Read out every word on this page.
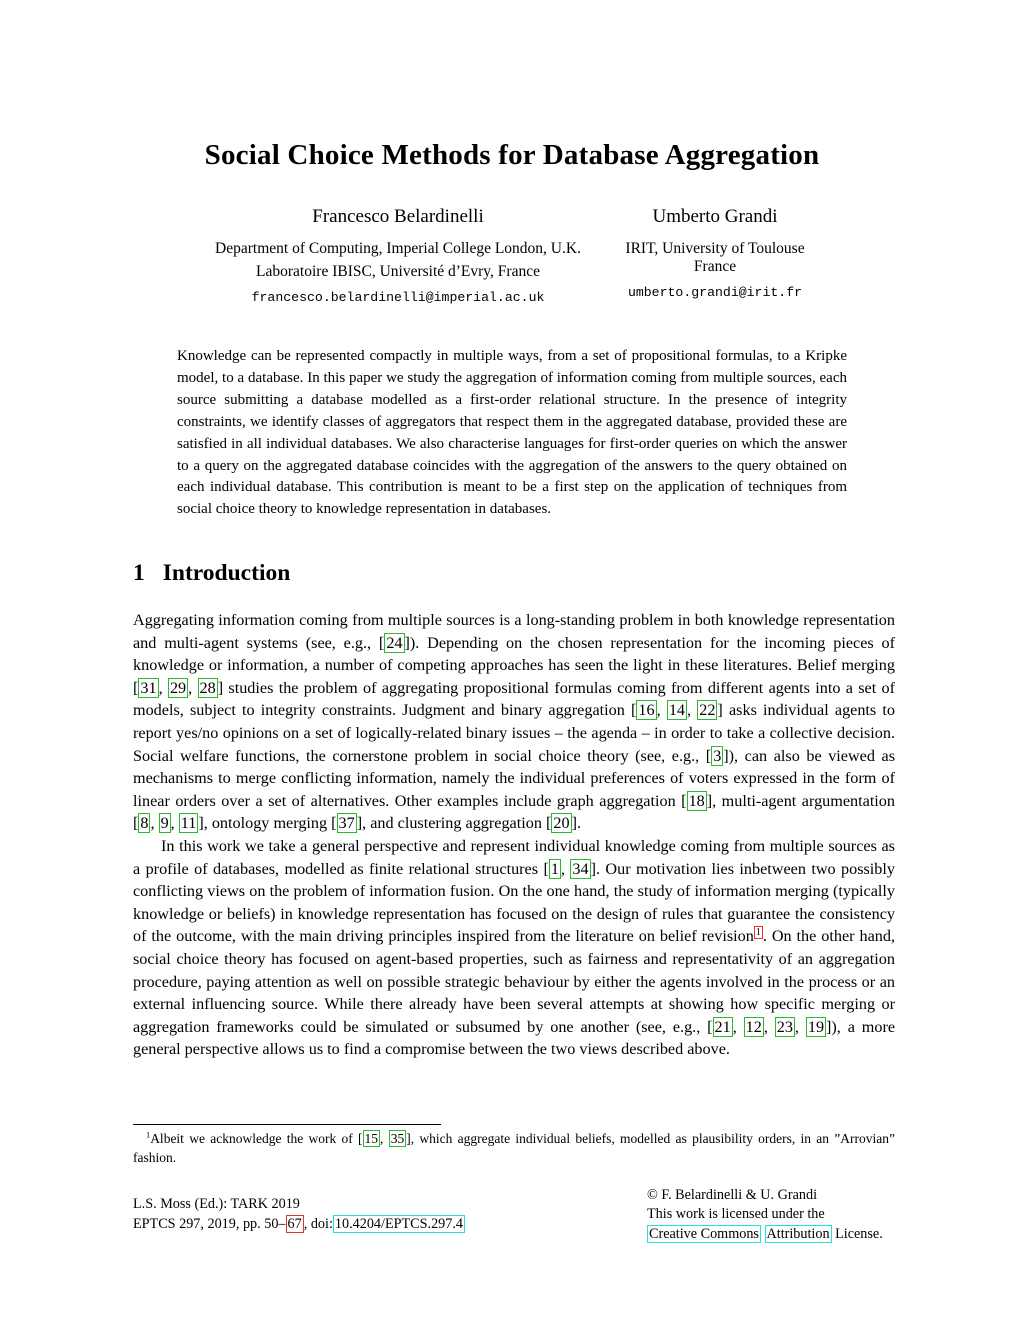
Social Choice Methods for Database Aggregation
Francesco Belardinelli
Department of Computing, Imperial College London, U.K.
Laboratoire IBISC, Université d’Evry, France
francesco.belardinelli@imperial.ac.uk
Umberto Grandi
IRIT, University of Toulouse
France
umberto.grandi@irit.fr
Knowledge can be represented compactly in multiple ways, from a set of propositional formulas, to a Kripke model, to a database. In this paper we study the aggregation of information coming from multiple sources, each source submitting a database modelled as a first-order relational structure. In the presence of integrity constraints, we identify classes of aggregators that respect them in the aggregated database, provided these are satisfied in all individual databases. We also characterise languages for first-order queries on which the answer to a query on the aggregated database coincides with the aggregation of the answers to the query obtained on each individual database. This contribution is meant to be a first step on the application of techniques from social choice theory to knowledge representation in databases.
1 Introduction

Aggregating information coming from multiple sources is a long-standing problem in both knowledge representation and multi-agent systems (see, e.g., [ 24 ]). Depending on the chosen representation for the incoming pieces of knowledge or information, a number of competing approaches has seen the light in these literatures. Belief merging [ 31 , 29 , 28 ] studies the problem of aggregating propositional formulas coming from different agents into a set of models, subject to integrity constraints. Judgment and binary aggregation [ 16 , 14 , 22 ] asks individual agents to report yes/no opinions on a set of logically-related binary issues – the agenda – in order to take a collective decision. Social welfare functions, the cornerstone problem in social choice theory (see, e.g., [ 3 ]), can also be viewed as mechanisms to merge conflicting information, namely the individual preferences of voters expressed in the form of linear orders over a set of alternatives. Other examples include graph aggregation [ 18 ], multi-agent argumentation [ 8 , 9 , 11 ], ontology merging [ 37 ], and clustering aggregation [ 20 ].

In this work we take a general perspective and represent individual knowledge coming from multiple sources as a profile of databases, modelled as finite relational structures [ 1 , 34 ]. Our motivation lies inbetween two possibly conflicting views on the problem of information fusion. On the one hand, the study of information merging (typically knowledge or beliefs) in knowledge representation has focused on the design of rules that guarantee the consistency of the outcome, with the main driving principles inspired from the literature on belief revision $^1$ . On the other hand, social choice theory has focused on agent-based properties, such as fairness and representativity of an aggregation procedure, paying attention as well on possible strategic behaviour by either the agents involved in the process or an external influencing source. While there already have been several attempts at showing how specific merging or aggregation frameworks could be simulated or subsumed by one another (see, e.g., [ 21 , 12 , 23 , 19 ]), a more general perspective allows us to find a compromise between the two views described above.

$^1$Albeit we acknowledge the work of [ 15 , 35 ], which aggregate individual beliefs, modelled as plausibility orders, in an ”Arrovian” fashion.
L.S. Moss (Ed.): TARK 2019
EPTCS 297, 2019, pp. 50– 67 , doi: 10.4204/EPTCS.297.4
© F. Belardinelli & U. Grandi
This work is licensed under the
Creative Commons Attribution License.
